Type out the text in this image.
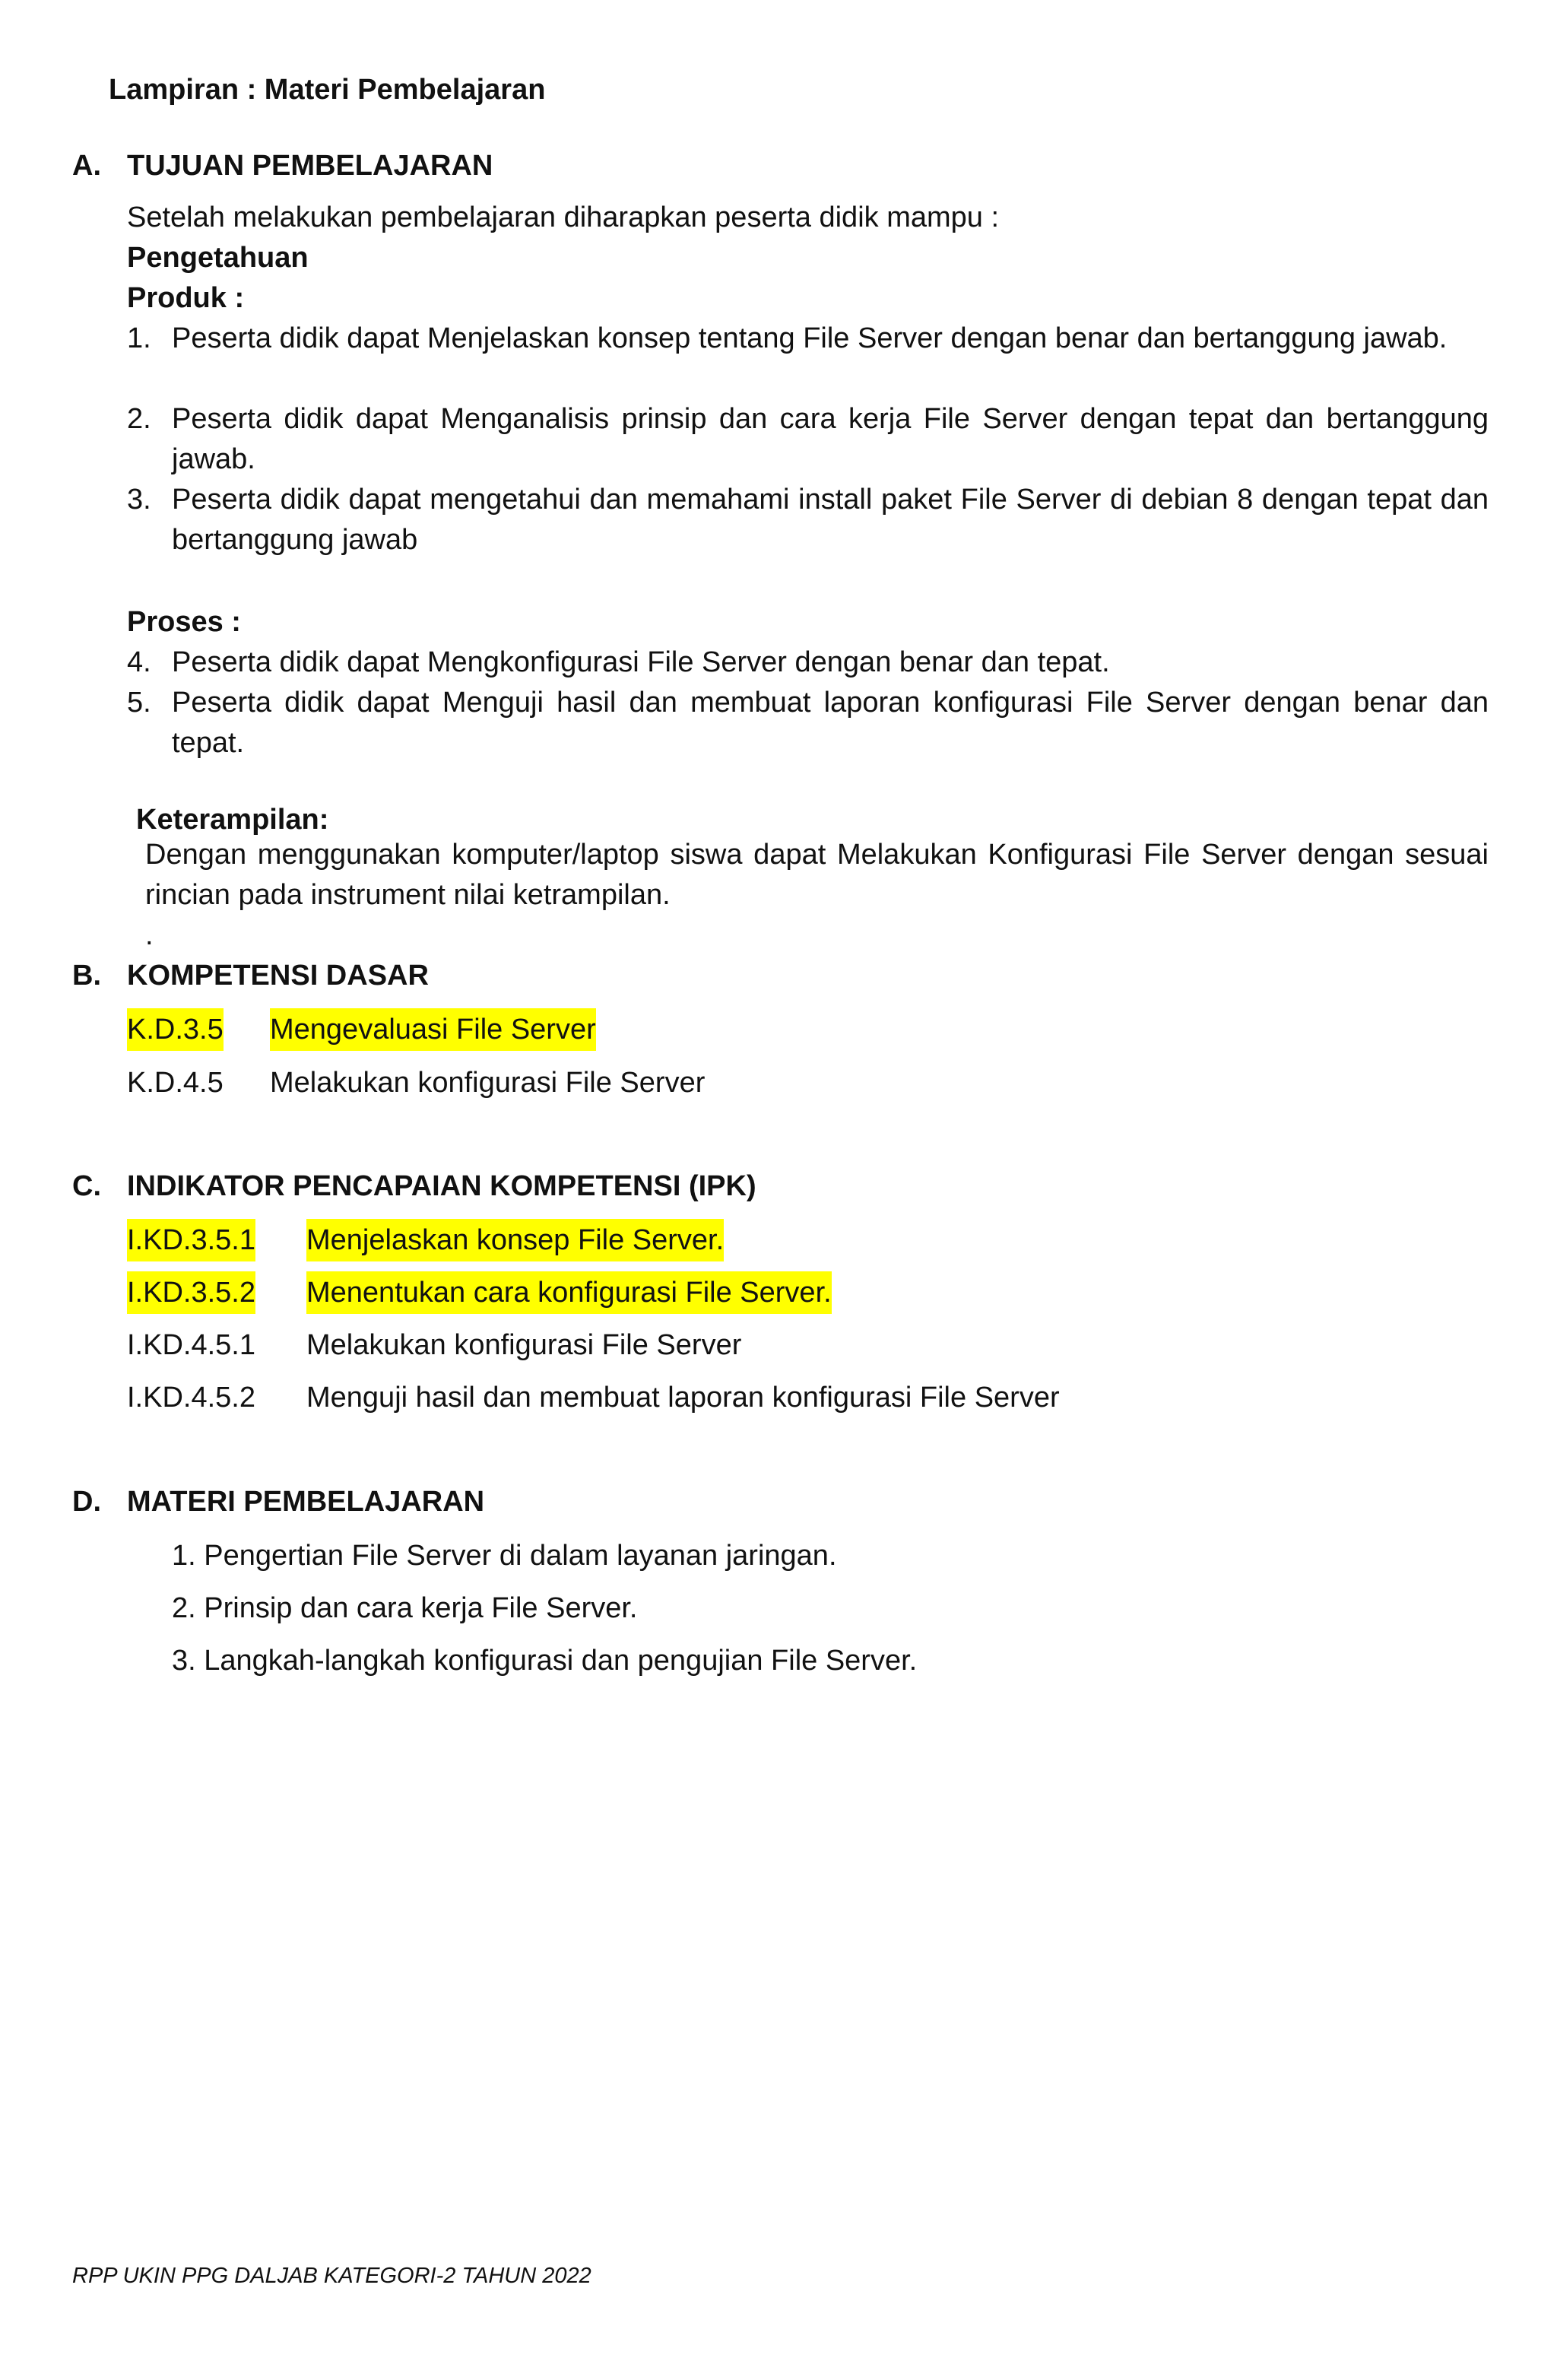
Lampiran : Materi Pembelajaran
A. TUJUAN PEMBELAJARAN
Setelah melakukan pembelajaran diharapkan peserta didik mampu :
Pengetahuan
Produk :
1. Peserta didik dapat Menjelaskan konsep tentang File Server dengan benar dan bertanggung jawab.
2. Peserta didik dapat Menganalisis prinsip dan cara kerja File Server dengan tepat dan bertanggung jawab.
3. Peserta didik dapat mengetahui dan memahami install paket File Server di debian 8 dengan tepat dan bertanggung jawab
Proses :
4. Peserta didik dapat Mengkonfigurasi File Server dengan benar dan tepat.
5. Peserta didik dapat Menguji hasil dan membuat laporan konfigurasi File Server dengan benar dan tepat.
Keterampilan:
Dengan menggunakan komputer/laptop siswa dapat Melakukan Konfigurasi File Server dengan sesuai rincian pada instrument nilai ketrampilan.
.
B. KOMPETENSI DASAR
K.D.3.5 Mengevaluasi File Server
K.D.4.5 Melakukan konfigurasi File Server
C. INDIKATOR PENCAPAIAN KOMPETENSI (IPK)
I.KD.3.5.1 Menjelaskan konsep File Server.
I.KD.3.5.2 Menentukan cara konfigurasi File Server.
I.KD.4.5.1 Melakukan konfigurasi File Server
I.KD.4.5.2 Menguji hasil dan membuat laporan konfigurasi File Server
D. MATERI PEMBELAJARAN
1. Pengertian File Server di dalam layanan jaringan.
2. Prinsip dan cara kerja File Server.
3. Langkah-langkah konfigurasi dan pengujian File Server.
RPP UKIN PPG DALJAB KATEGORI-2 TAHUN 2022
